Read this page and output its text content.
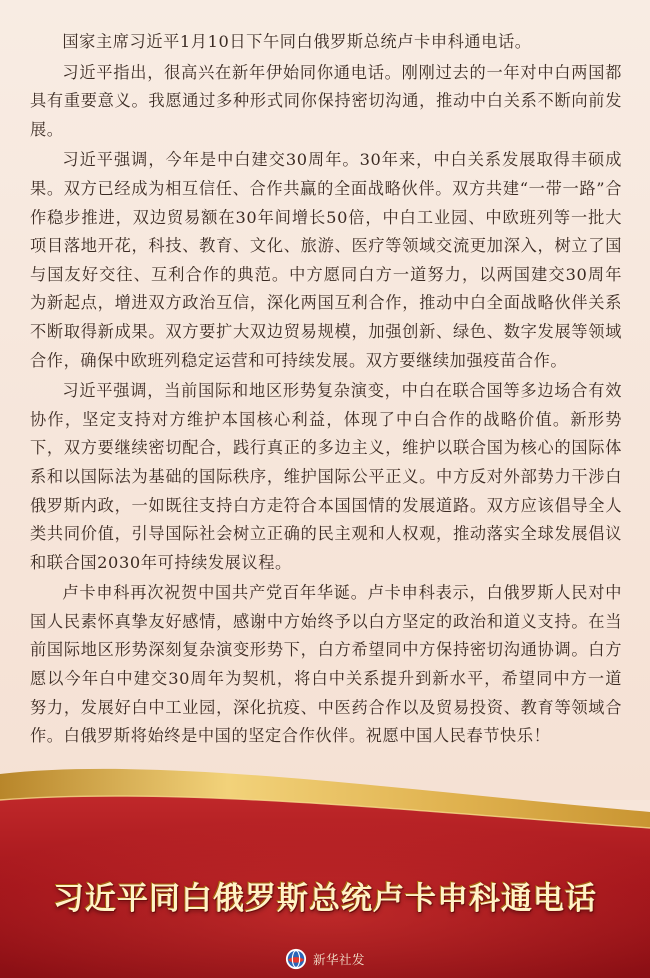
国家主席习近平1月10日下午同白俄罗斯总统卢卡申科通电话。

习近平指出，很高兴在新年伊始同你通电话。刚刚过去的一年对中白两国都具有重要意义。我愿通过多种形式同你保持密切沟通，推动中白关系不断向前发展。

习近平强调，今年是中白建交30周年。30年来，中白关系发展取得丰硕成果。双方已经成为相互信任、合作共赢的全面战略伙伴。双方共建“一带一路”合作稳步推进，双边贸易额在30年间增长50倍，中白工业园、中欧班列等一批大项目落地开花，科技、教育、文化、旅游、医疗等领域交流更加深入，树立了国与国友好交往、互利合作的典范。中方愿同白方一道努力，以两国建交30周年为新起点，增进双方政治互信，深化两国互利合作，推动中白全面战略伙伴关系不断取得新成果。双方要扩大双边贸易规模，加强创新、绿色、数字发展等领域合作，确保中欧班列稳定运营和可持续发展。双方要继续加强疫苗合作。

习近平强调，当前国际和地区形势复杂演变，中白在联合国等多边场合有效协作，坚定支持对方维护本国核心利益，体现了中白合作的战略价值。新形势下，双方要继续密切配合，践行真正的多边主义，维护以联合国为核心的国际体系和以国际法为基础的国际秩序，维护国际公平正义。中方反对外部势力干涉白俄罗斯内政，一如既往支持白方走符合本国国情的发展道路。双方应该倡导全人类共同价值，引导国际社会树立正确的民主观和人权观，推动落实全球发展倡议和联合国2030年可持续发展议程。

卢卡申科再次祝贺中国共产党百年华诞。卢卡申科表示，白俄罗斯人民对中国人民素怀真挚友好感情，感谢中方始终予以白方坚定的政治和道义支持。在当前国际地区形势深刻复杂演变形势下，白方希望同中方保持密切沟通协调。白方愿以今年白中建交30周年为契机，将白中关系提升到新水平，希望同中方一道努力，发展好白中工业园，深化抗疫、中医药合作以及贸易投资、教育等领域合作。白俄罗斯将始终是中国的坚定合作伙伴。祝愿中国人民春节快乐！

习近平同白俄罗斯总统卢卡申科通电话
新华社发
